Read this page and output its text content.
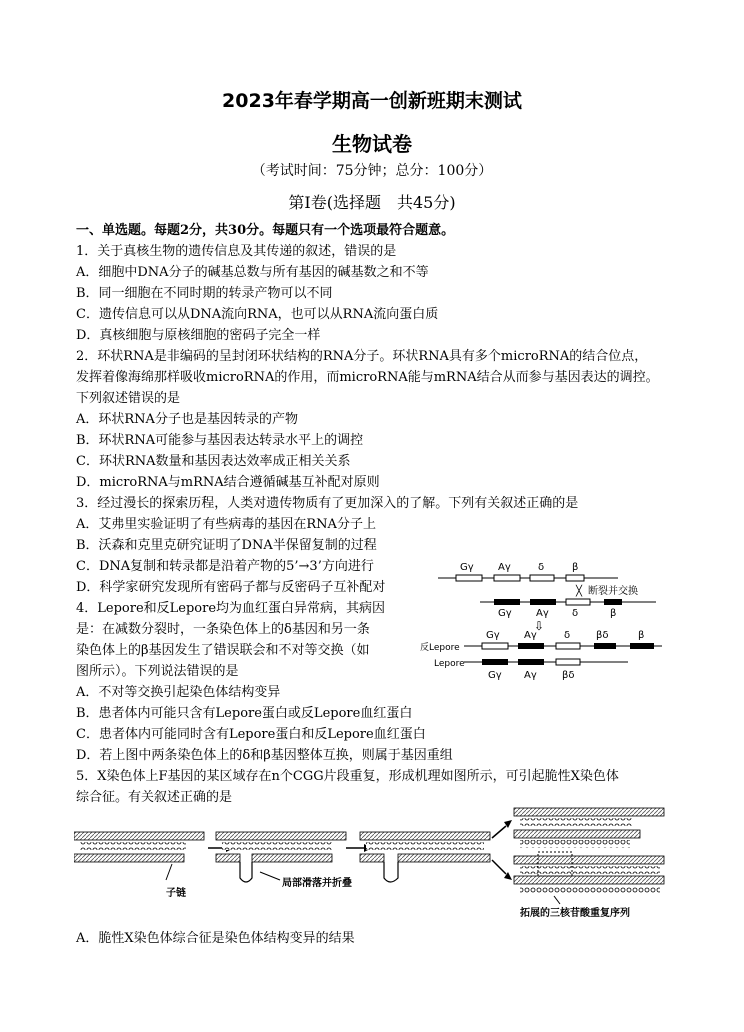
2023年春学期高一创新班期末测试
生物试卷
（考试时间：75分钟；总分：100分）
第Ⅰ卷(选择题　共45分)
一、单选题。每题2分，共30分。每题只有一个选项最符合题意。
1．关于真核生物的遗传信息及其传递的叙述，错误的是
A．细胞中DNA分子的碱基总数与所有基因的碱基数之和不等
B．同一细胞在不同时期的转录产物可以不同
C．遗传信息可以从DNA流向RNA，也可以从RNA流向蛋白质
D．真核细胞与原核细胞的密码子完全一样
2．环状RNA是非编码的呈封闭环状结构的RNA分子。环状RNA具有多个microRNA的结合位点，
发挥着像海绵那样吸收microRNA的作用，而microRNA能与mRNA结合从而参与基因表达的调控。
下列叙述错误的是
A．环状RNA分子也是基因转录的产物
B．环状RNA可能参与基因表达转录水平上的调控
C．环状RNA数量和基因表达效率成正相关关系
D．microRNA与mRNA结合遵循碱基互补配对原则
3．经过漫长的探索历程，人类对遗传物质有了更加深入的了解。下列有关叙述正确的是
A．艾弗里实验证明了有些病毒的基因在RNA分子上
B．沃森和克里克研究证明了DNA半保留复制的过程
C．DNA复制和转录都是沿着产物的5’→3’方向进行
D．科学家研究发现所有密码子都与反密码子互补配对
4．Lepore和反Lepore均为血红蛋白异常病，其病因
是：在减数分裂时，一条染色体上的δ基因和另一条
染色体上的β基因发生了错误联会和不对等交换（如
图所示）。下列说法错误的是
A．不对等交换引起染色体结构变异
B．患者体内可能只含有Lepore蛋白或反Lepore血红蛋白
C．患者体内可能同时含有Lepore蛋白和反Lepore血红蛋白
D．若上图中两条染色体上的δ和β基因整体互换，则属于基因重组
5．X染色体上F基因的某区域存在n个CGG片段重复，形成机理如图所示，可引起脆性X染色体
综合征。有关叙述正确的是
A．脆性X染色体综合征是染色体结构变异的结果
Gγ Aγ	δ	β
╳ 断裂并交换
Gγ Aγ δ	β
⇩
反Lepore
Gγ Aγ	δ	βδ	β
Lepore
Gγ Aγ	βδ
子链
局部滑落并折叠
拓展的三核苷酸重复序列
